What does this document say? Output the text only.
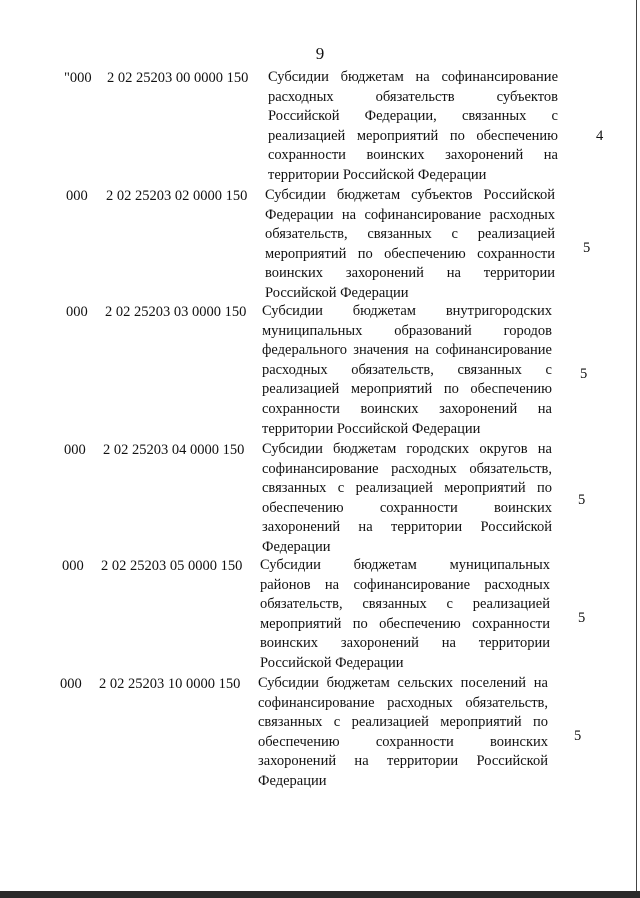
9
"000 2 02 25203 00 0000 150 Субсидии бюджетам на софинансирование
расходных обязательств субъектов
Российской Федерации, связанных с
реализацией мероприятий по обеспечению
сохранности воинских захоронений на
территории Российской Федерации
4
000 2 02 25203 02 0000 150 Субсидии бюджетам субъектов Российской
Федерации на софинансирование расходных
обязательств, связанных с реализацией
мероприятий по обеспечению сохранности
воинских захоронений на территории
Российской Федерации
5
000 2 02 25203 03 0000 150 Субсидии бюджетам внутригородских
муниципальных образований городов
федерального значения на софинансирование
расходных обязательств, связанных с
реализацией мероприятий по обеспечению
сохранности воинских захоронений на
территории Российской Федерации
5
000 2 02 25203 04 0000 150 Субсидии бюджетам городских округов на
софинансирование расходных обязательств,
связанных с реализацией мероприятий по
обеспечению сохранности воинских
захоронений на территории Российской
Федерации
5
000 2 02 25203 05 0000 150 Субсидии бюджетам муниципальных
районов на софинансирование расходных
обязательств, связанных с реализацией
мероприятий по обеспечению сохранности
воинских захоронений на территории
Российской Федерации
5
000 2 02 25203 10 0000 150 Субсидии бюджетам сельских поселений на
софинансирование расходных обязательств,
связанных с реализацией мероприятий по
обеспечению сохранности воинских
захоронений на территории Российской
Федерации
5
